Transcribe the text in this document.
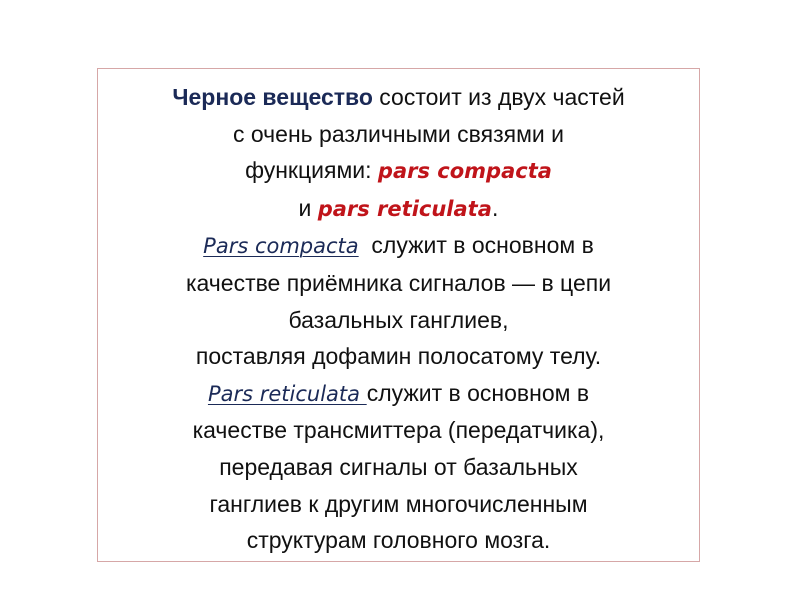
Черное вещество состоит из двух частей
с очень различными связями и
функциями: pars compacta
и pars reticulata.
Pars compacta  служит в основном в
качестве приёмника сигналов — в цепи
базальных ганглиев,
поставляя дофамин полосатому телу.
Pars reticulata служит в основном в
качестве трансмиттера (передатчика),
передавая сигналы от базальных
ганглиев к другим многочисленным
структурам головного мозга.
